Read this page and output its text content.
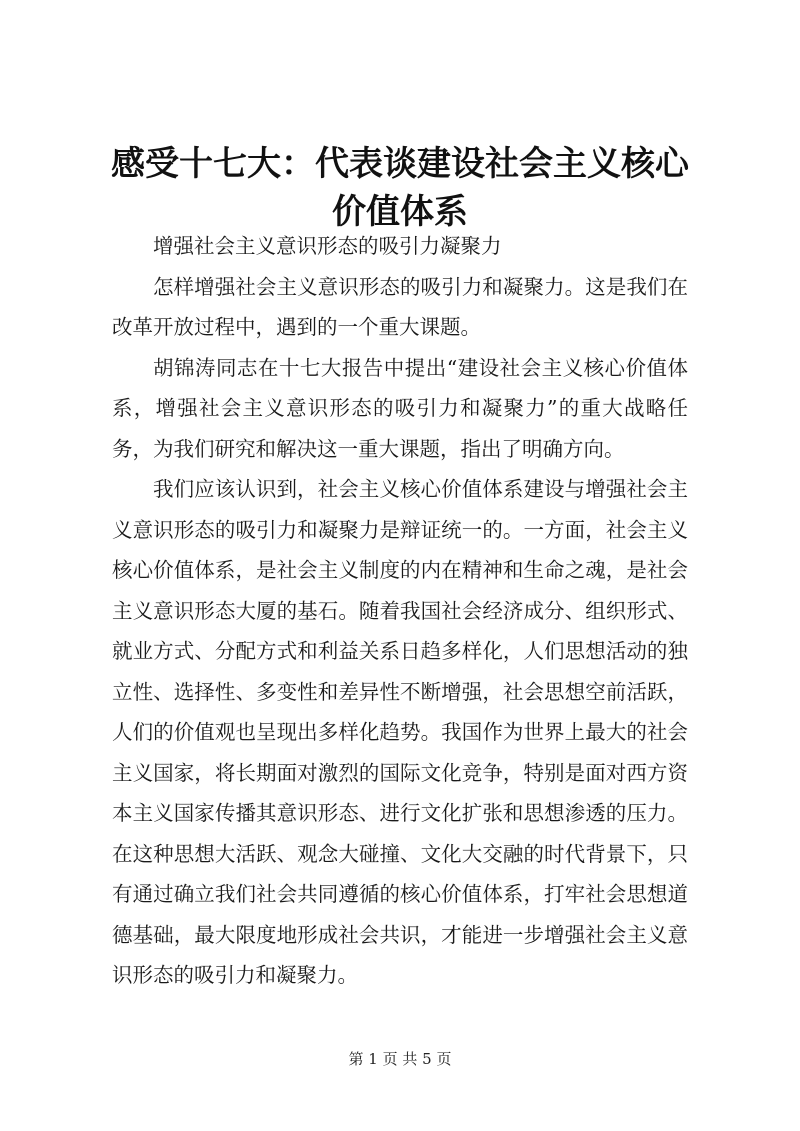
感受十七大：代表谈建设社会主义核心价值体系

增强社会主义意识形态的吸引力凝聚力

怎样增强社会主义意识形态的吸引力和凝聚力。这是我们在改革开放过程中，遇到的一个重大课题。

胡锦涛同志在十七大报告中提出“建设社会主义核心价值体系，增强社会主义意识形态的吸引力和凝聚力”的重大战略任务，为我们研究和解决这一重大课题，指出了明确方向。

我们应该认识到，社会主义核心价值体系建设与增强社会主义意识形态的吸引力和凝聚力是辩证统一的。一方面，社会主义核心价值体系，是社会主义制度的内在精神和生命之魂，是社会主义意识形态大厦的基石。随着我国社会经济成分、组织形式、就业方式、分配方式和利益关系日趋多样化，人们思想活动的独立性、选择性、多变性和差异性不断增强，社会思想空前活跃，人们的价值观也呈现出多样化趋势。我国作为世界上最大的社会主义国家，将长期面对激烈的国际文化竞争，特别是面对西方资本主义国家传播其意识形态、进行文化扩张和思想渗透的压力。在这种思想大活跃、观念大碰撞、文化大交融的时代背景下，只有通过确立我们社会共同遵循的核心价值体系，打牢社会思想道德基础，最大限度地形成社会共识，才能进一步增强社会主义意识形态的吸引力和凝聚力。

第 1 页 共 5 页
